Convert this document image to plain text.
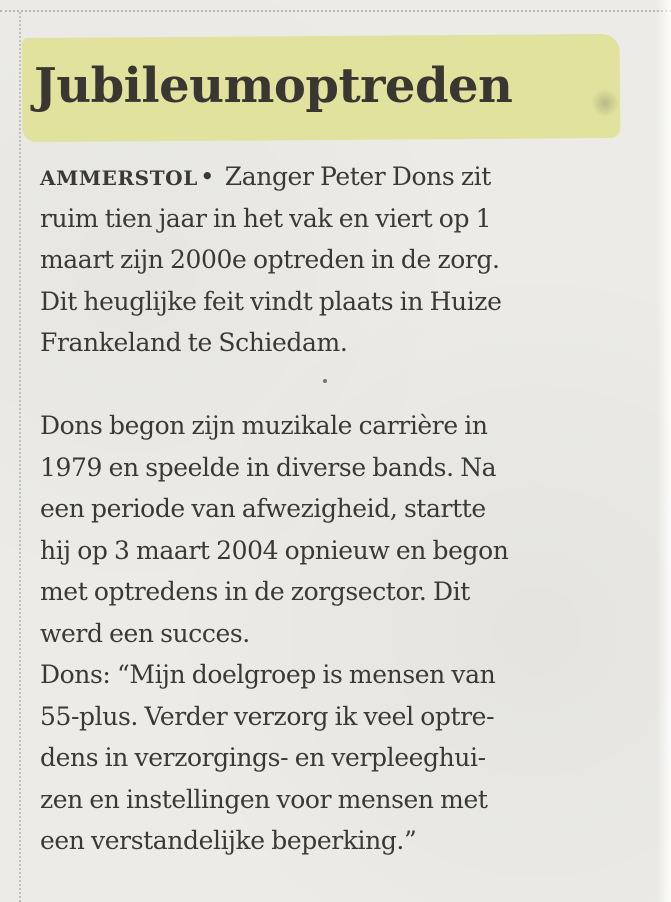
Jubileumoptreden
AMMERSTOL• Zanger Peter Dons zit
ruim tien jaar in het vak en viert op 1
maart zijn 2000e optreden in de zorg.
Dit heuglijke feit vindt plaats in Huize
Frankeland te Schiedam.
Dons begon zijn muzikale carrière in
1979 en speelde in diverse bands. Na
een periode van afwezigheid, startte
hij op 3 maart 2004 opnieuw en begon
met optredens in de zorgsector. Dit
werd een succes.
Dons: “Mijn doelgroep is mensen van
55-plus. Verder verzorg ik veel optre-
dens in verzorgings- en verpleeghui-
zen en instellingen voor mensen met
een verstandelijke beperking.”
